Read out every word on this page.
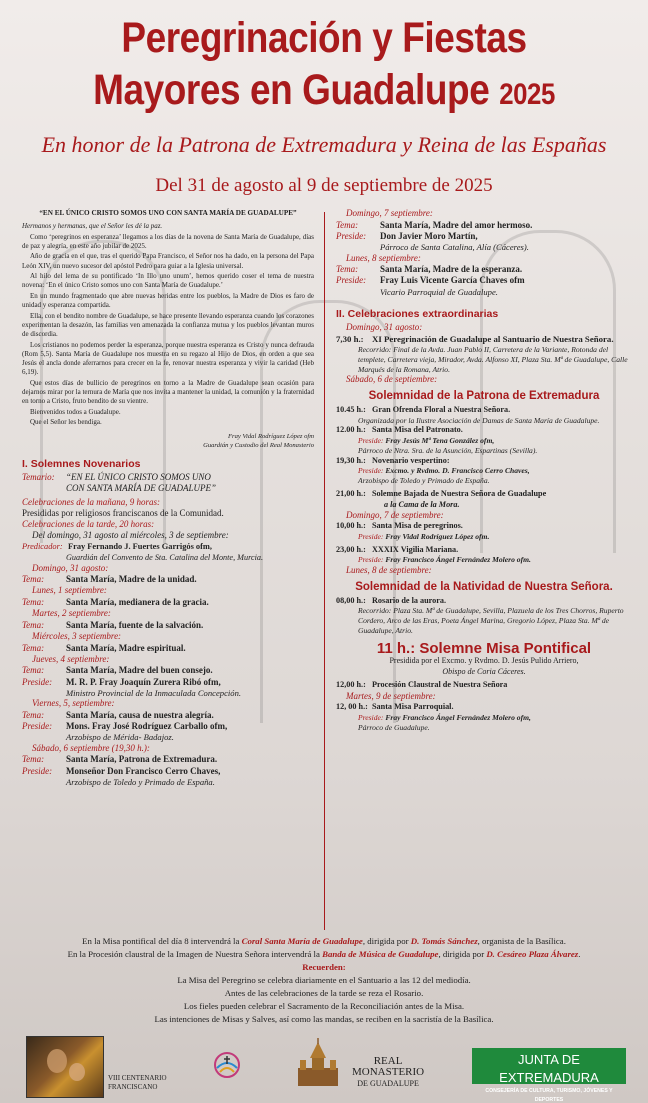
Peregrinación y Fiestas
Mayores en Guadalupe 2025
En honor de la Patrona de Extremadura y Reina de las Españas
Del 31 de agosto al 9 de septiembre de 2025
“EN EL ÚNICO CRISTO SOMOS UNO CON SANTA MARÍA DE GUADALUPE”

Hermanos y hermanas, que el Señor les dé la paz.

Como ‘peregrinos en esperanza’ llegamos a los días de la novena de Santa María de Guadalupe, días de paz y alegría, en este año jubilar de 2025.

Año de gracia en el que, tras el querido Papa Francisco, el Señor nos ha dado, en la persona del Papa León XIV, un nuevo sucesor del apóstol Pedro para guiar a la Iglesia universal.

Al hilo del lema de su pontificado ‘In Illo uno unum’, hemos querido coser el tema de nuestra novena: ‘En el único Cristo somos uno con Santa María de Guadalupe.’

En un mundo fragmentado que abre nuevas heridas entre los pueblos, la Madre de Dios es faro de unidad y esperanza compartida.

Ella, con el bendito nombre de Guadalupe, se hace presente llevando esperanza cuando los corazones experimentan la desazón, las familias ven amenazada la confianza mutua y los pueblos levantan muros de discordia.

Los cristianos no podemos perder la esperanza, porque nuestra esperanza es Cristo y nunca defrauda (Rom 5,5). Santa María de Guadalupe nos muestra en su regazo al Hijo de Dios, en orden a que sea Jesús el ancla donde aferrarnos para crecer en la fe, renovar nuestra esperanza y vivir la caridad (Heb 6,19).

Que estos días de bullicio de peregrinos en torno a la Madre de Guadalupe sean ocasión para dejarnos mirar por la ternura de María que nos invita a mantener la unidad, la comunión y la fraternidad en torno a Cristo, fruto bendito de su vientre.

Bienvenidos todos a Guadalupe.

Que el Señor les bendiga.

Fray Vidal Rodríguez López ofm
Guardián y Custodio del Real Monasterio
I. Solemnes Novenarios
Temario:	“EN EL ÚNICO CRISTO SOMOS UNO
CON SANTA MARÍA DE GUADALUPE”
Celebraciones de la mañana, 9 horas:
Presididas por religiosos franciscanos de la Comunidad.
Celebraciones de la tarde, 20 horas:
Del domingo, 31 agosto al miércoles, 3 de septiembre:
Predicador: Fray Fernando J. Fuertes Garrigós ofm,
Guardián del Convento de Sta. Catalina del Monte, Murcia.
Domingo, 31 agosto:
Tema:	Santa María, Madre de la unidad.
Lunes, 1 septiembre:
Tema:	Santa María, medianera de la gracia.
Martes, 2 septiembre:
Tema:	Santa María, fuente de la salvación.
Miércoles, 3 septiembre:
Tema:	Santa María, Madre espiritual.
Jueves, 4 septiembre:
Tema:	Santa María, Madre del buen consejo.
Preside:	M. R. P. Fray Joaquín Zurera Ribó ofm,
Ministro Provincial de la Inmaculada Concepción.
Viernes, 5, septiembre:
Tema:	Santa María, causa de nuestra alegría.
Preside:	Mons. Fray José Rodríguez Carballo ofm,
Arzobispo de Mérida- Badajoz.
Sábado, 6 septiembre (19,30 h.):
Tema:	Santa María, Patrona de Extremadura.
Preside:	Monseñor Don Francisco Cerro Chaves,
Arzobispo de Toledo y Primado de España.
Domingo, 7 septiembre:
Tema:	Santa María, Madre del amor hermoso.
Preside:	Don Javier Moro Martín,
Párroco de Santa Catalina, Alía (Cáceres).
Lunes, 8 septiembre:
Tema:	Santa María, Madre de la esperanza.
Preside:	Fray Luis Vicente García Chaves ofm
Vicario Parroquial de Guadalupe.
II. Celebraciones extraordinarias
Domingo, 31 agosto:
7,30 h.: XI Peregrinación de Guadalupe al Santuario de Nuestra Señora.
Recorrido: Final de la Avda. Juan Pablo II, Carretera de la Variante, Rotonda del templete, Carretera vieja, Mirador, Avda. Alfonso XI, Plaza Sta. Mª de Guadalupe, Calle Marqués de la Romana, Atrio.
Sábado, 6 de septiembre:
Solemnidad de la Patrona de Extremadura
10.45 h.: Gran Ofrenda Floral a Nuestra Señora.
Organizada por la Ilustre Asociación de Damas de Santa María de Guadalupe.
12.00 h.: Santa Misa del Patronato.
Preside: Fray Jesús Mª Tena González ofm,
Párroco de Ntra. Sra. de la Asunción, Espartinas (Sevilla).
19,30 h.: Novenario vespertino:
Preside: Excmo. y Rvdmo. D. Francisco Cerro Chaves,
Arzobispo de Toledo y Primado de España.
21,00 h.: Solemne Bajada de Nuestra Señora de Guadalupe
a la Cama de la Mora.
Domingo, 7 de septiembre:
10,00 h.: Santa Misa de peregrinos.
Preside: Fray Vidal Rodríguez López ofm.
23,00 h.: XXXIX Vigilia Mariana.
Preside: Fray Francisco Ángel Fernández Molero ofm.
Lunes, 8 de septiembre:
Solemnidad de la Natividad de Nuestra Señora.
08,00 h.: Rosario de la aurora.
Recorrido: Plaza Sta. Mª de Guadalupe, Sevilla, Plazuela de los Tres Chorros, Ruperto Cordero, Arco de las Eras, Poeta Ángel Marina, Gregorio López, Plaza Sta. Mª de Guadalupe, Atrio.
11 h.: Solemne Misa Pontifical
Presidida por el Excmo. y Rvdmo. D. Jesús Pulido Arriero,
Obispo de Coria Cáceres.
12,00 h.: Procesión Claustral de Nuestra Señora
Martes, 9 de septiembre:
12, 00 h.: Santa Misa Parroquial.
Preside: Fray Francisco Ángel Fernández Molero ofm,
Párroco de Guadalupe.
En la Misa pontifical del día 8 intervendrá la Coral Santa María de Guadalupe, dirigida por D. Tomás Sánchez, organista de la Basílica.
En la Procesión claustral de la Imagen de Nuestra Señora intervendrá la Banda de Música de Guadalupe, dirigida por D. Cesáreo Plaza Álvarez.
Recuerden:
La Misa del Peregrino se celebra diariamente en el Santuario a las 12 del mediodía.
Antes de las celebraciones de la tarde se reza el Rosario.
Los fieles pueden celebrar el Sacramento de la Reconciliación antes de la Misa.
Las intenciones de Misas y Salves, así como las mandas, se reciben en la sacristía de la Basílica.
VIII CENTENARIO
FRANCISCANO
REAL
MONASTERIO
DE GUADALUPE
JUNTA DE EXTREMADURA
CONSEJERÍA DE CULTURA, TURISMO, JÓVENES Y DEPORTES
